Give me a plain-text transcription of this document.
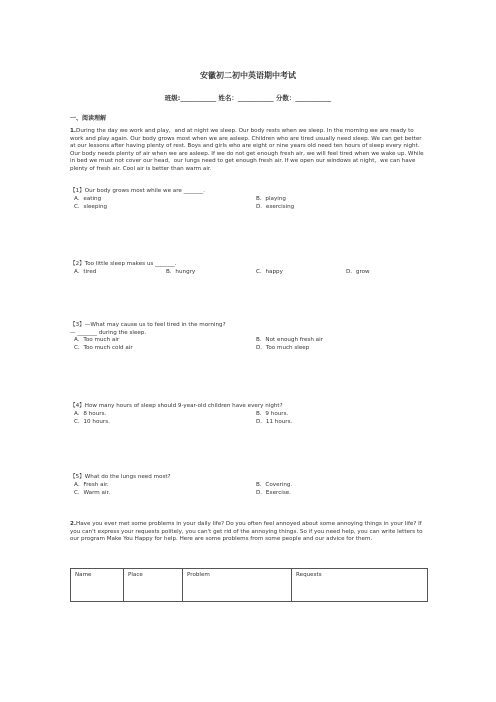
安徽初二初中英语期中考试
班级:___________ 姓名：___________ 分数：___________
一、阅读理解
1.During the day we work and play，and at night we sleep. Our body rests when we sleep. In the morning we are ready to work and play again. Our body grows most when we are asleep. Children who are tired usually need sleep. We can get better at our lessons after having plenty of rest. Boys and girls who are eight or nine years old need ten hours of sleep every night. Our body needs plenty of air when we are asleep. If we do not get enough fresh air, we will feel tired when we wake up. While in bed we must not cover our head，our lungs need to get enough fresh air. If we open our windows at night，we can have plenty of fresh air. Cool air is better than warm air.
【1】Our body grows most while we are _______.
A．eating	B．playing
C．sleeping	D．exercising
【2】Too little sleep makes us _______.
A．tired	B．hungry	C．happy	D．grow
【3】—What may cause us to feel tired in the morning?
— _______ during the sleep.
A．Too much air	B．Not enough fresh air
C．Too much cold air	D．Too much sleep
【4】How many hours of sleep should 9-year-old children have every night?
A．8 hours.	B．9 hours.
C．10 hours.	D．11 hours.
【5】What do the lungs need most?
A．Fresh air.	B．Covering.
C．Warm air.	D．Exercise.
2.Have you ever met some problems in your daily life? Do you often feel annoyed about some annoying things in your life? If you can't express your requests politely, you can't get rid of the annoying things. So if you need help, you can write letters to our program Make You Happy for help. Here are some problems from some people and our advice for them.
Name	Place	Problem	Requests
